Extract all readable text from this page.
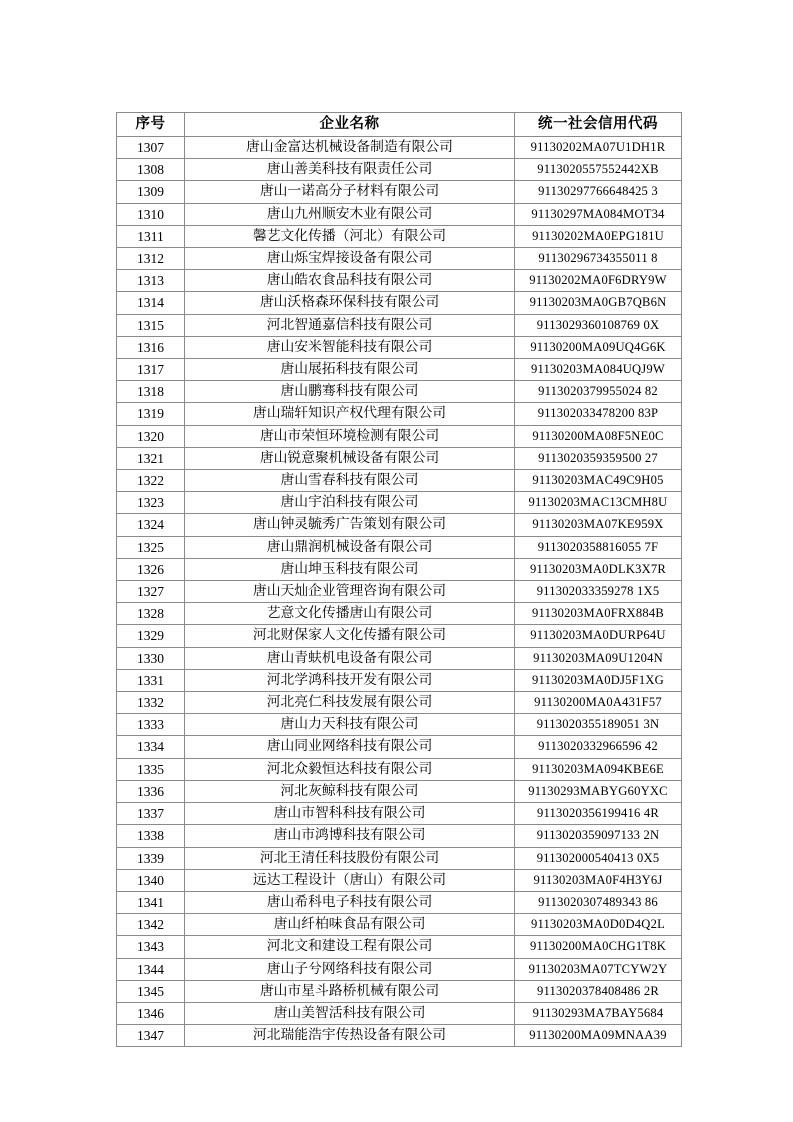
序号	企业名称	统一社会信用代码
1307	唐山金富达机械设备制造有限公司	91130202MA07U1DH1R
1308	唐山善美科技有限责任公司	9113020557552442XB
1309	唐山一诺高分子材料有限公司	91130297766648425 3
1310	唐山九州顺安木业有限公司	91130297MA084MOT34
1311	馨艺文化传播（河北）有限公司	91130202MA0EPG181U
1312	唐山烁宝焊接设备有限公司	91130296734355011 8
1313	唐山皓农食品科技有限公司	91130202MA0F6DRY9W
1314	唐山沃格森环保科技有限公司	91130203MA0GB7QB6N
1315	河北智通嘉信科技有限公司	9113029360108769 0X
1316	唐山安米智能科技有限公司	91130200MA09UQ4G6K
1317	唐山展拓科技有限公司	91130203MA084UQJ9W
1318	唐山鹏骞科技有限公司	9113020379955024 82
1319	唐山瑞轩知识产权代理有限公司	911302033478200 83P
1320	唐山市荣恒环境检测有限公司	91130200MA08F5NE0C
1321	唐山锐意聚机械设备有限公司	9113020359359500 27
1322	唐山雪春科技有限公司	91130203MAC49C9H05
1323	唐山宇泊科技有限公司	91130203MAC13CMH8U
1324	唐山钟灵毓秀广告策划有限公司	91130203MA07KE959X
1325	唐山鼎润机械设备有限公司	9113020358816055 7F
1326	唐山坤玉科技有限公司	91130203MA0DLK3X7R
1327	唐山天灿企业管理咨询有限公司	911302033359278 1X5
1328	艺意文化传播唐山有限公司	91130203MA0FRX884B
1329	河北财保家人文化传播有限公司	91130203MA0DURP64U
1330	唐山青蚨机电设备有限公司	91130203MA09U1204N
1331	河北学鸿科技开发有限公司	91130203MA0DJ5F1XG
1332	河北亮仁科技发展有限公司	91130200MA0A431F57
1333	唐山力天科技有限公司	9113020355189051 3N
1334	唐山同业网络科技有限公司	9113020332966596 42
1335	河北众毅恒达科技有限公司	91130203MA094KBE6E
1336	河北灰鲸科技有限公司	91130293MABYG60YXC
1337	唐山市智科科技有限公司	9113020356199416 4R
1338	唐山市鸿博科技有限公司	9113020359097133 2N
1339	河北王清任科技股份有限公司	911302000540413 0X5
1340	远达工程设计（唐山）有限公司	91130203MA0F4H3Y6J
1341	唐山希科电子科技有限公司	9113020307489343 86
1342	唐山纤柏味食品有限公司	91130203MA0D0D4Q2L
1343	河北文和建设工程有限公司	91130200MA0CHG1T8K
1344	唐山子兮网络科技有限公司	91130203MA07TCYW2Y
1345	唐山市星斗路桥机械有限公司	9113020378408486 2R
1346	唐山美智活科技有限公司	91130293MA7BAY5684
1347	河北瑞能浩宇传热设备有限公司	91130200MA09MNAA39
